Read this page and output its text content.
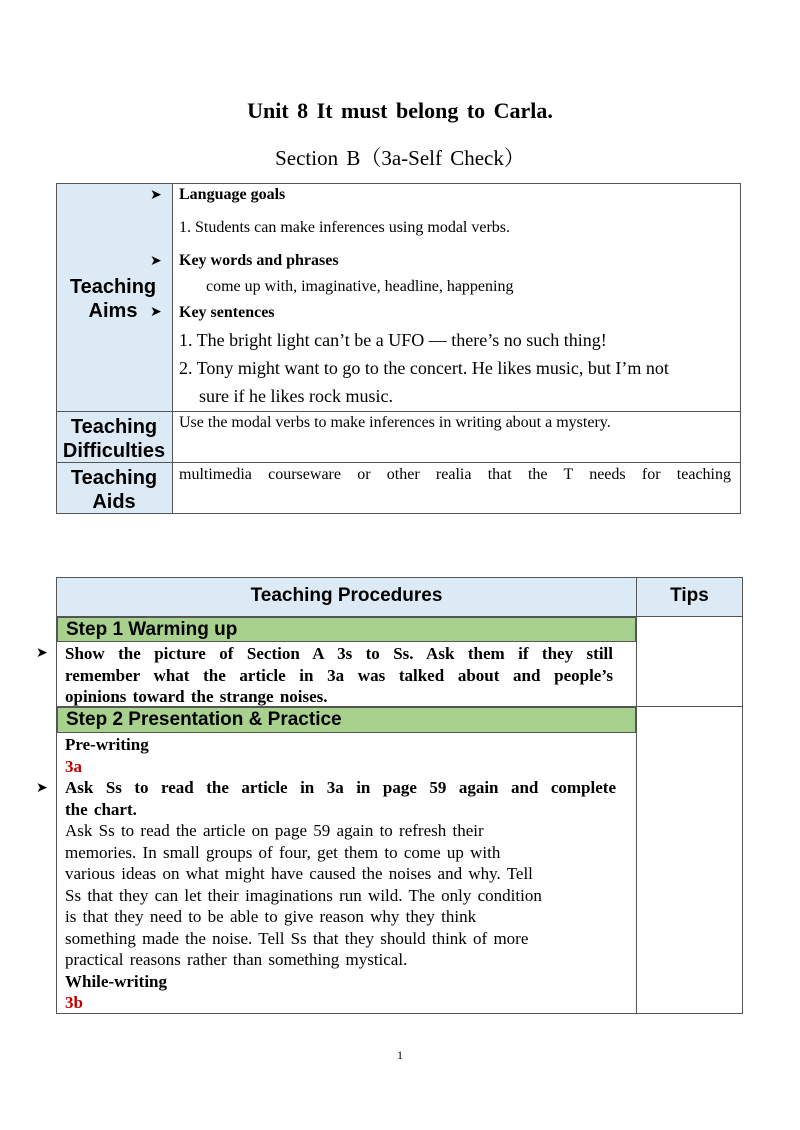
Unit 8 It must belong to Carla.
Section B（3a-Self Check）
Teaching
Aims
Teaching
Difficulties
Teaching
Aids
➤
➤
➤
Language goals
1. Students can make inferences using modal verbs.
Key words and phrases
come up with, imaginative, headline, happening
Key sentences
1. The bright light can’t be a UFO — there’s no such thing!
2. Tony might want to go to the concert. He likes music, but I’m not
sure if he likes rock music.
Use the modal verbs to make inferences in writing about a mystery.
multimedia courseware or other realia that the T needs for teaching
Teaching Procedures	Tips
Step 1 Warming up
➤ Show the picture of Section A 3s to Ss. Ask them if they still
remember what the article in 3a was talked about and people’s
opinions toward the strange noises.
Step 2 Presentation & Practice
Pre-writing
3a
Ask Ss to read the article in 3a in page 59 again and complete
the chart.
Ask Ss to read the article on page 59 again to refresh their
memories. In small groups of four, get them to come up with
various ideas on what might have caused the noises and why. Tell
Ss that they can let their imaginations run wild. The only condition
is that they need to be able to give reason why they think
something made the noise. Tell Ss that they should think of more
practical reasons rather than something mystical.
While-writing
3b
➤
1
